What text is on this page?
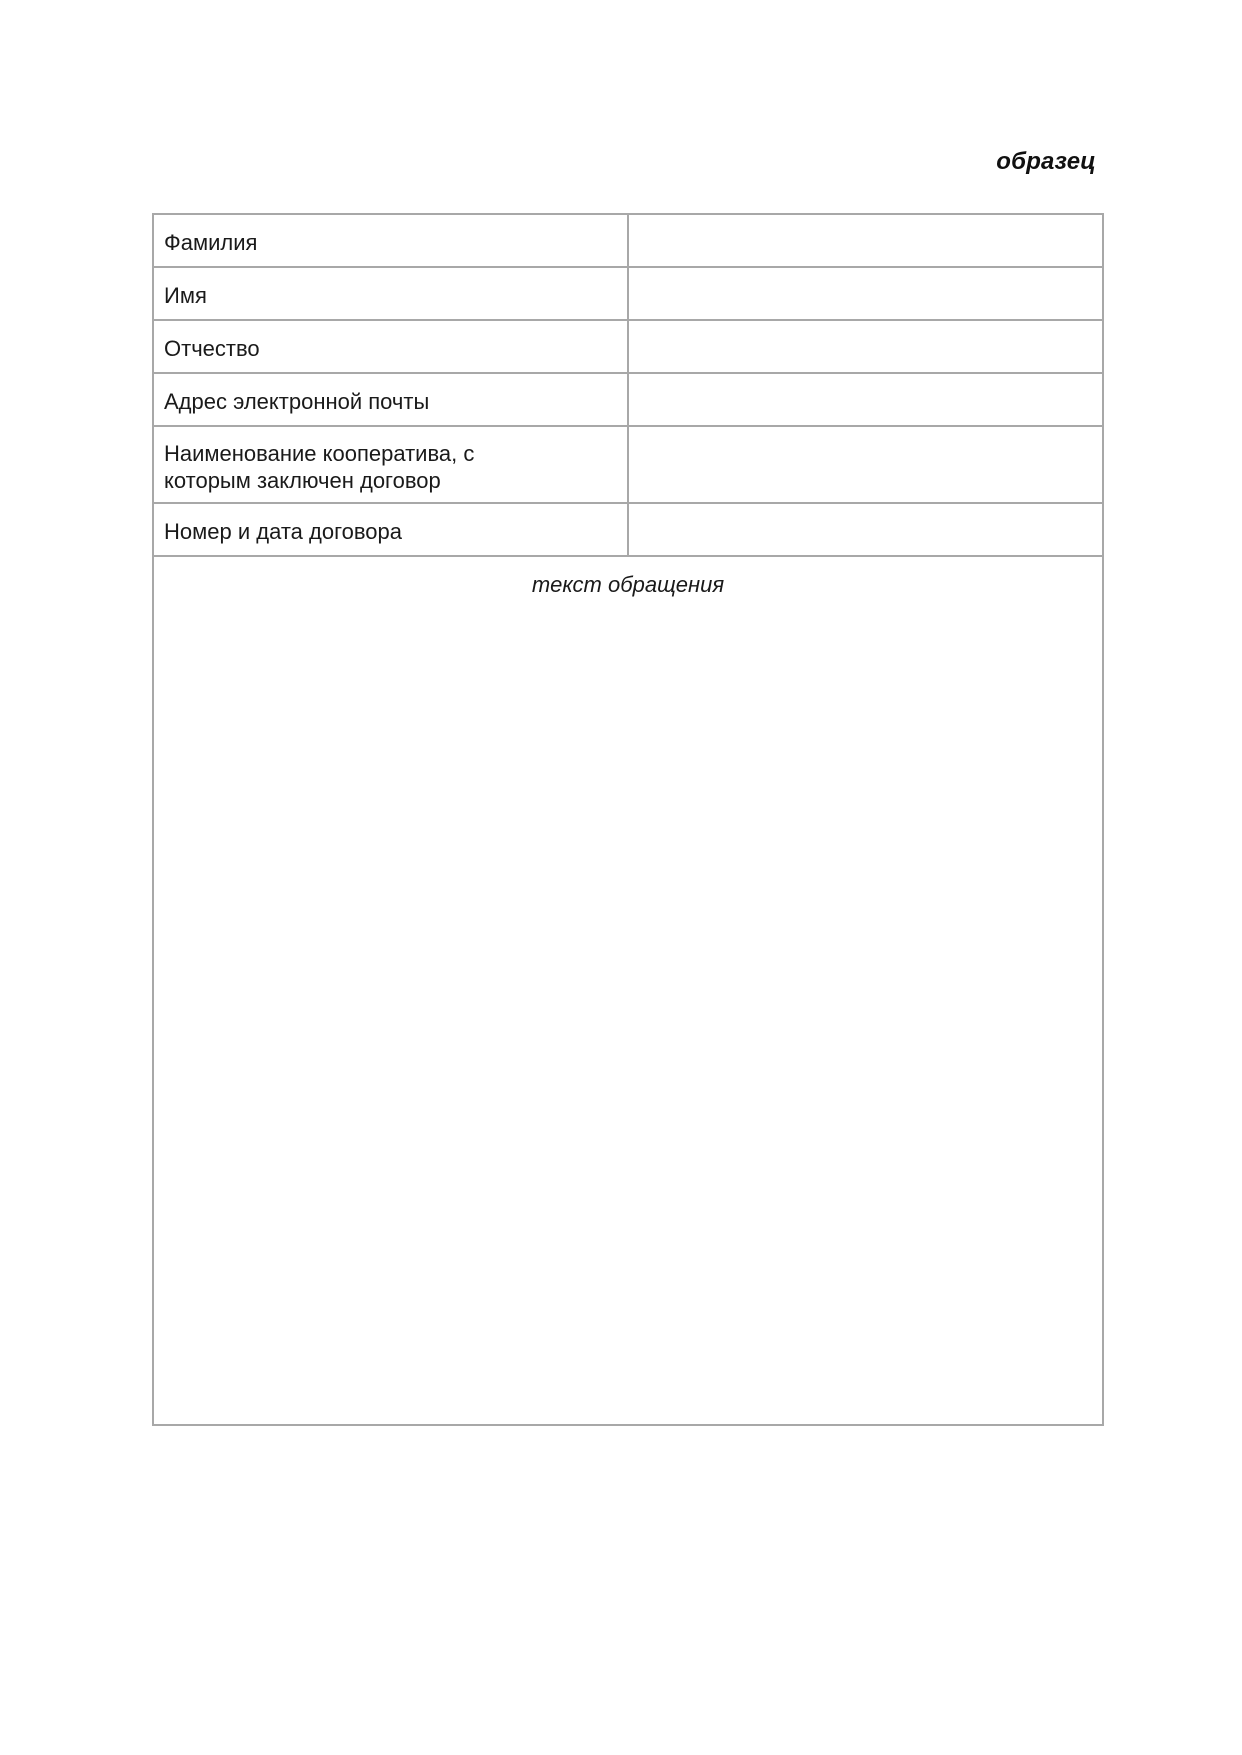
образец
Фамилия	
Имя	
Отчество	
Адрес электронной почты	

Наименование кооператива, с
которым заключен договор	

Номер и дата договора	
текст обращения	
